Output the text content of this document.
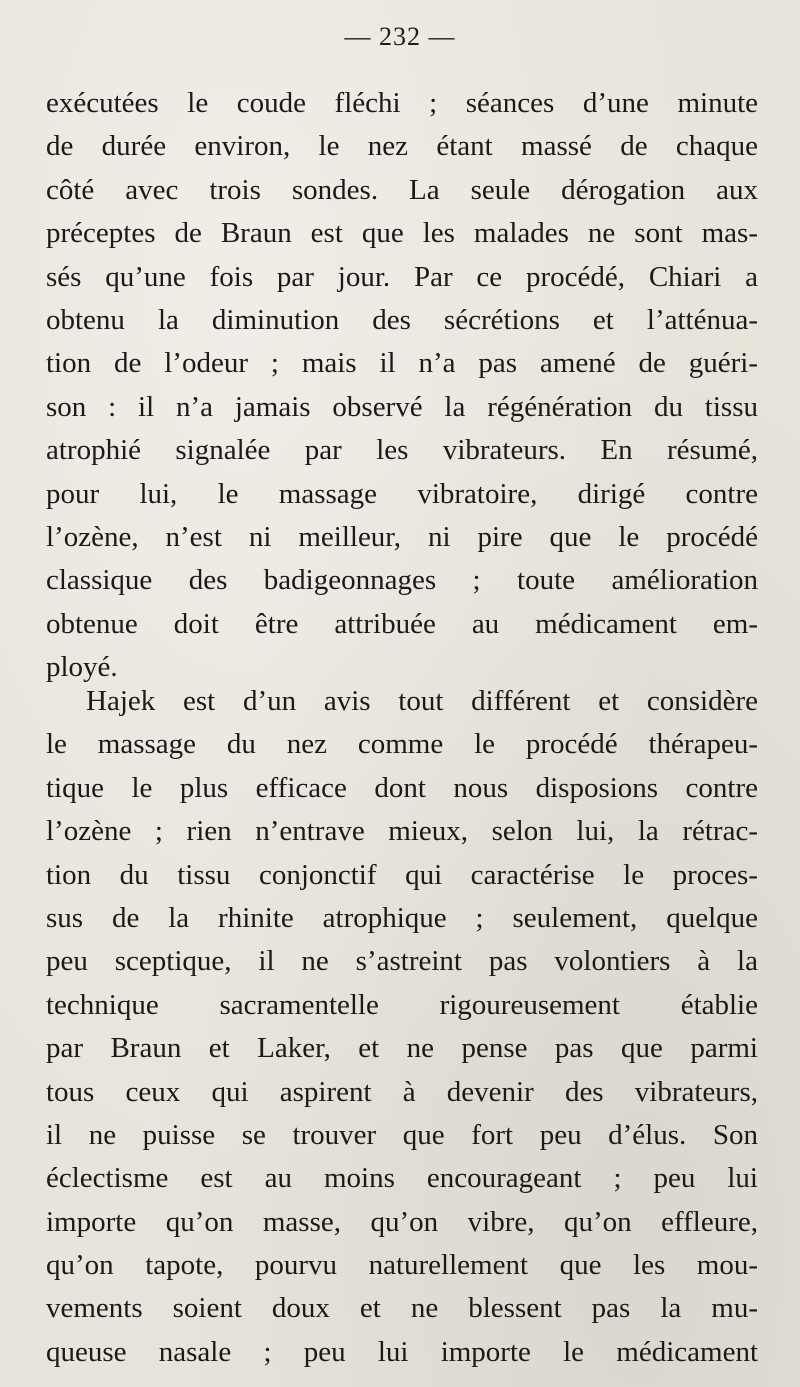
— 232 —
exécutées le coude fléchi ; séances d’une minute
de durée environ, le nez étant massé de chaque
côté avec trois sondes. La seule dérogation aux
préceptes de Braun est que les malades ne sont mas-
sés qu’une fois par jour. Par ce procédé, Chiari a
obtenu la diminution des sécrétions et l’atténua-
tion de l’odeur ; mais il n’a pas amené de guéri-
son : il n’a jamais observé la régénération du tissu
atrophié signalée par les vibrateurs. En résumé,
pour lui, le massage vibratoire, dirigé contre
l’ozène, n’est ni meilleur, ni pire que le procédé
classique des badigeonnages ; toute amélioration
obtenue doit être attribuée au médicament em-
ployé.
Hajek est d’un avis tout différent et considère
le massage du nez comme le procédé thérapeu-
tique le plus efficace dont nous disposions contre
l’ozène ; rien n’entrave mieux, selon lui, la rétrac-
tion du tissu conjonctif qui caractérise le proces-
sus de la rhinite atrophique ; seulement, quelque
peu sceptique, il ne s’astreint pas volontiers à la
technique sacramentelle rigoureusement établie
par Braun et Laker, et ne pense pas que parmi
tous ceux qui aspirent à devenir des vibrateurs,
il ne puisse se trouver que fort peu d’élus. Son
éclectisme est au moins encourageant ; peu lui
importe qu’on masse, qu’on vibre, qu’on effleure,
qu’on tapote, pourvu naturellement que les mou-
vements soient doux et ne blessent pas la mu-
queuse nasale ; peu lui importe le médicament
